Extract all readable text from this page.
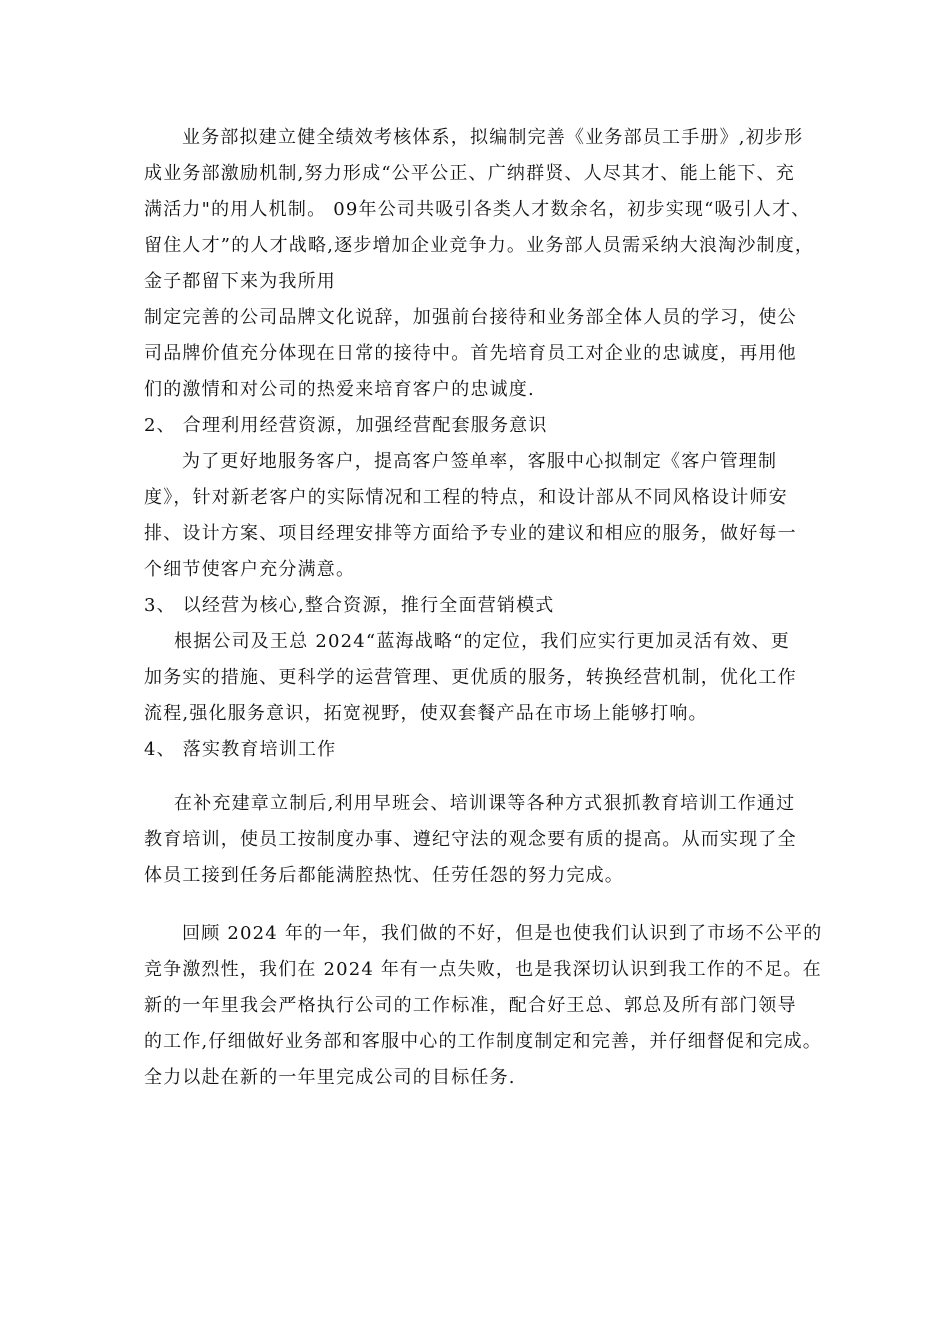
业务部拟建立健全绩效考核体系，拟编制完善《业务部员工手册》,初步形
成业务部激励机制,努力形成“公平公正、广纳群贤、人尽其才、能上能下、充
满活力"的用人机制。 09年公司共吸引各类人才数余名，初步实现“吸引人才、
留住人才”的人才战略,逐步增加企业竞争力。业务部人员需采纳大浪淘沙制度，
金子都留下来为我所用
制定完善的公司品牌文化说辞，加强前台接待和业务部全体人员的学习，使公
司品牌价值充分体现在日常的接待中。首先培育员工对企业的忠诚度，再用他
们的激情和对公司的热爱来培育客户的忠诚度.
2、 合理利用经营资源，加强经营配套服务意识
为了更好地服务客户，提高客户签单率，客服中心拟制定《客户管理制
度》，针对新老客户的实际情况和工程的特点，和设计部从不同风格设计师安
排、设计方案、项目经理安排等方面给予专业的建议和相应的服务，做好每一
个细节使客户充分满意。
3、 以经营为核心,整合资源，推行全面营销模式
根据公司及王总 2024“蓝海战略“的定位，我们应实行更加灵活有效、更
加务实的措施、更科学的运营管理、更优质的服务，转换经营机制，优化工作
流程,强化服务意识，拓宽视野，使双套餐产品在市场上能够打响。
4、 落实教育培训工作
在补充建章立制后,利用早班会、培训课等各种方式狠抓教育培训工作通过
教育培训，使员工按制度办事、遵纪守法的观念要有质的提高。从而实现了全
体员工接到任务后都能满腔热忱、任劳任怨的努力完成。
回顾 2024 年的一年，我们做的不好，但是也使我们认识到了市场不公平的
竞争激烈性，我们在 2024 年有一点失败，也是我深切认识到我工作的不足。在
新的一年里我会严格执行公司的工作标准，配合好王总、郭总及所有部门领导
的工作,仔细做好业务部和客服中心的工作制度制定和完善，并仔细督促和完成。
全力以赴在新的一年里完成公司的目标任务.
